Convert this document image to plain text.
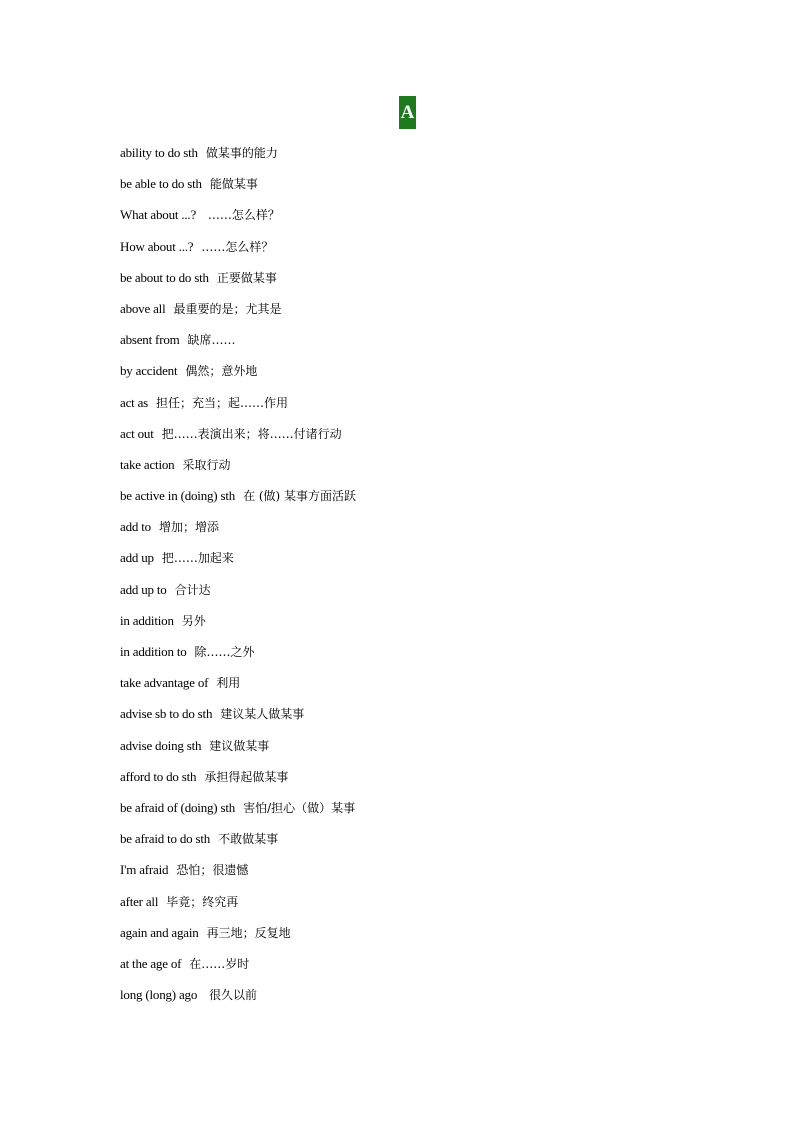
A
ability to do sth 做某事的能力
be able to do sth 能做某事
What about ...? ……怎么样？
How about ...? ……怎么样？
be about to do sth 正要做某事
above all 最重要的是；尤其是
absent from 缺席……
by accident 偶然；意外地
act as 担任；充当；起……作用
act out 把……表演出来；将……付诸行动
take action 采取行动
be active in (doing) sth 在 (做) 某事方面活跃
add to 增加；增添
add up 把……加起来
add up to 合计达
in addition 另外
in addition to 除……之外
take advantage of 利用
advise sb to do sth 建议某人做某事
advise doing sth 建议做某事
afford to do sth 承担得起做某事
be afraid of (doing) sth 害怕/担心（做）某事
be afraid to do sth 不敢做某事
I'm afraid 恐怕；很遗憾
after all 毕竟；终究再
again and again 再三地；反复地
at the age of 在……岁时
long (long) ago 很久以前
